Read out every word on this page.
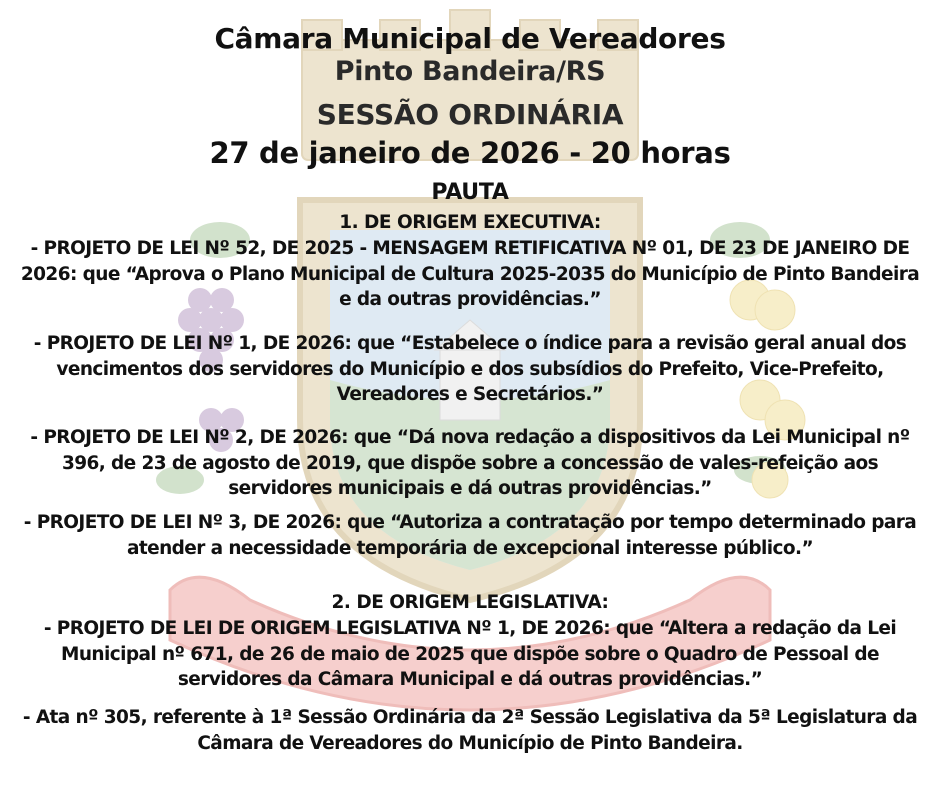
Câmara Municipal de Vereadores
Pinto Bandeira/RS
SESSÃO ORDINÁRIA
27 de janeiro de 2026 - 20 horas
PAUTA
1. DE ORIGEM EXECUTIVA:
- PROJETO DE LEI Nº 52, DE 2025 - MENSAGEM RETIFICATIVA Nº 01, DE 23 DE JANEIRO DE 2026: que “Aprova o Plano Municipal de Cultura 2025-2035 do Município de Pinto Bandeira e da outras providências.”
- PROJETO DE LEI Nº 1, DE 2026: que “Estabelece o índice para a revisão geral anual dos vencimentos dos servidores do Município e dos subsídios do Prefeito, Vice-Prefeito, Vereadores e Secretários.”
- PROJETO DE LEI Nº 2, DE 2026: que “Dá nova redação a dispositivos da Lei Municipal nº 396, de 23 de agosto de 2019, que dispõe sobre a concessão de vales-refeição aos servidores municipais e dá outras providências.”
- PROJETO DE LEI Nº 3, DE 2026: que “Autoriza a contratação por tempo determinado para atender a necessidade temporária de excepcional interesse público.”
2. DE ORIGEM LEGISLATIVA:
- PROJETO DE LEI DE ORIGEM LEGISLATIVA Nº 1, DE 2026: que “Altera a redação da Lei Municipal nº 671, de 26 de maio de 2025 que dispõe sobre o Quadro de Pessoal de servidores da Câmara Municipal e dá outras providências.”
- Ata nº 305, referente à 1ª Sessão Ordinária da 2ª Sessão Legislativa da 5ª Legislatura da Câmara de Vereadores do Município de Pinto Bandeira.
